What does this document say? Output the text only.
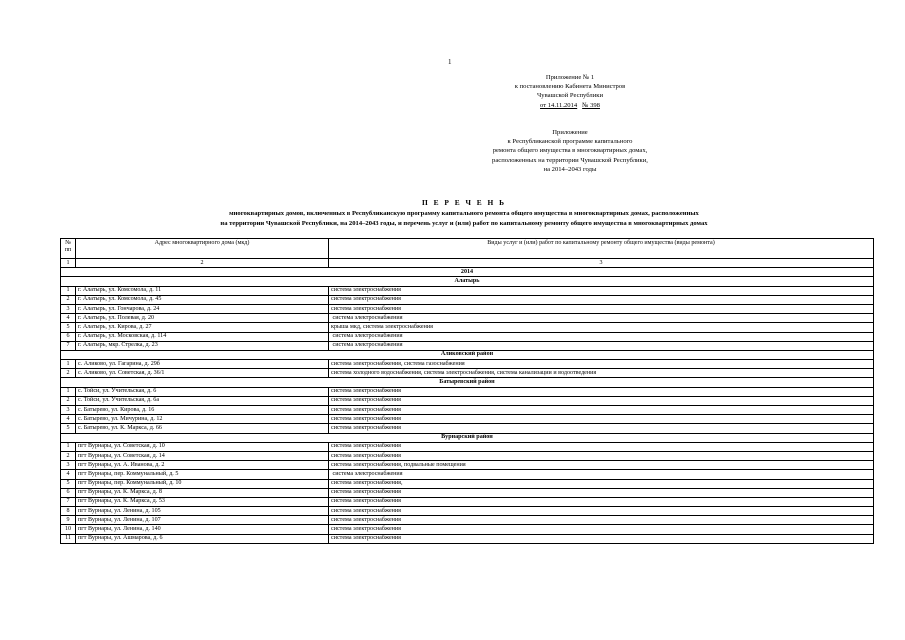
1
Приложение № 1
к постановлению Кабинета Министров
Чувашской Республики
от 14.11.2014 № 398
Приложение
к Республиканской программе капитального
ремонта общего имущества в многоквартирных домах,
расположенных на территории Чувашской Республики,
на 2014–2043 годы
П Е Р Е Ч Е Н Ь
многоквартирных домов, включенных в Республиканскую программу капитального ремонта общего имущества в многоквартирных домах, расположенных
на территории Чувашской Республики, на 2014–2043 годы, и перечень услуг и (или) работ по капитальному ремонту общего имущества в многоквартирных домах
№
пп	Адрес многоквартирного дома (мкд)	Виды услуг и (или) работ по капитальному ремонту общего имущества (виды ремонта)
1	2	3
2014		
Алатырь		
1	г. Алатырь, ул. Комсомола, д. 11	система электроснабжения
2	г. Алатырь, ул. Комсомола, д. 45	система электроснабжения
3	г. Алатырь, ул. Гончарова, д. 24	система электроснабжения
4	г. Алатырь, ул. Полевая, д. 20	система электроснабжения
5	г. Алатырь, ул. Кирова, д. 27	крыша мкд, система электроснабжения
6	г. Алатырь, ул. Московская, д. 114	система электроснабжения
7	г. Алатырь, мкр. Стрелка, д. 23	система электроснабжения
Аликовский район		
1	с. Аликово, ул. Гагарина, д. 29б	система электроснабжения, система газоснабжения
2	с. Аликово, ул. Советская, д. 36/1	система холодного водоснабжения, система электроснабжения, система канализации и водоотведения
Батыревский район		
1	с. Тойси, ул. Учительская, д. 6	система электроснабжения
2	с. Тойси, ул. Учительская, д. 6а	система электроснабжения
3	с. Батырево, ул. Кирова, д. 16	система электроснабжения
4	с. Батырево, ул. Мичурина, д. 12	система электроснабжения
5	с. Батырево, ул. К. Маркса, д. 66	система электроснабжения
Вурнарский район		
1	пгт Вурнары, ул. Советская, д. 10	система электроснабжения
2	пгт Вурнары, ул. Советская, д. 14	система электроснабжения
3	пгт Вурнары, ул. А. Иванова, д. 2	система электроснабжения, подвальные помещения
4	пгт Вурнары, пер. Коммунальный, д. 5	система электроснабжения
5	пгт Вурнары, пер. Коммунальный, д. 10	система электроснабжения,
6	пгт Вурнары, ул. К. Маркса, д. 8	система электроснабжения
7	пгт Вурнары, ул. К. Маркса, д. 53	система электроснабжения
8	пгт Вурнары, ул. Ленина, д. 105	система электроснабжения
9	пгт Вурнары, ул. Ленина, д. 107	система электроснабжения
10	пгт Вурнары, ул. Ленина, д. 140	система электроснабжения
11	пгт Вурнары, ул. Ашмарова, д. 6	система электроснабжения
